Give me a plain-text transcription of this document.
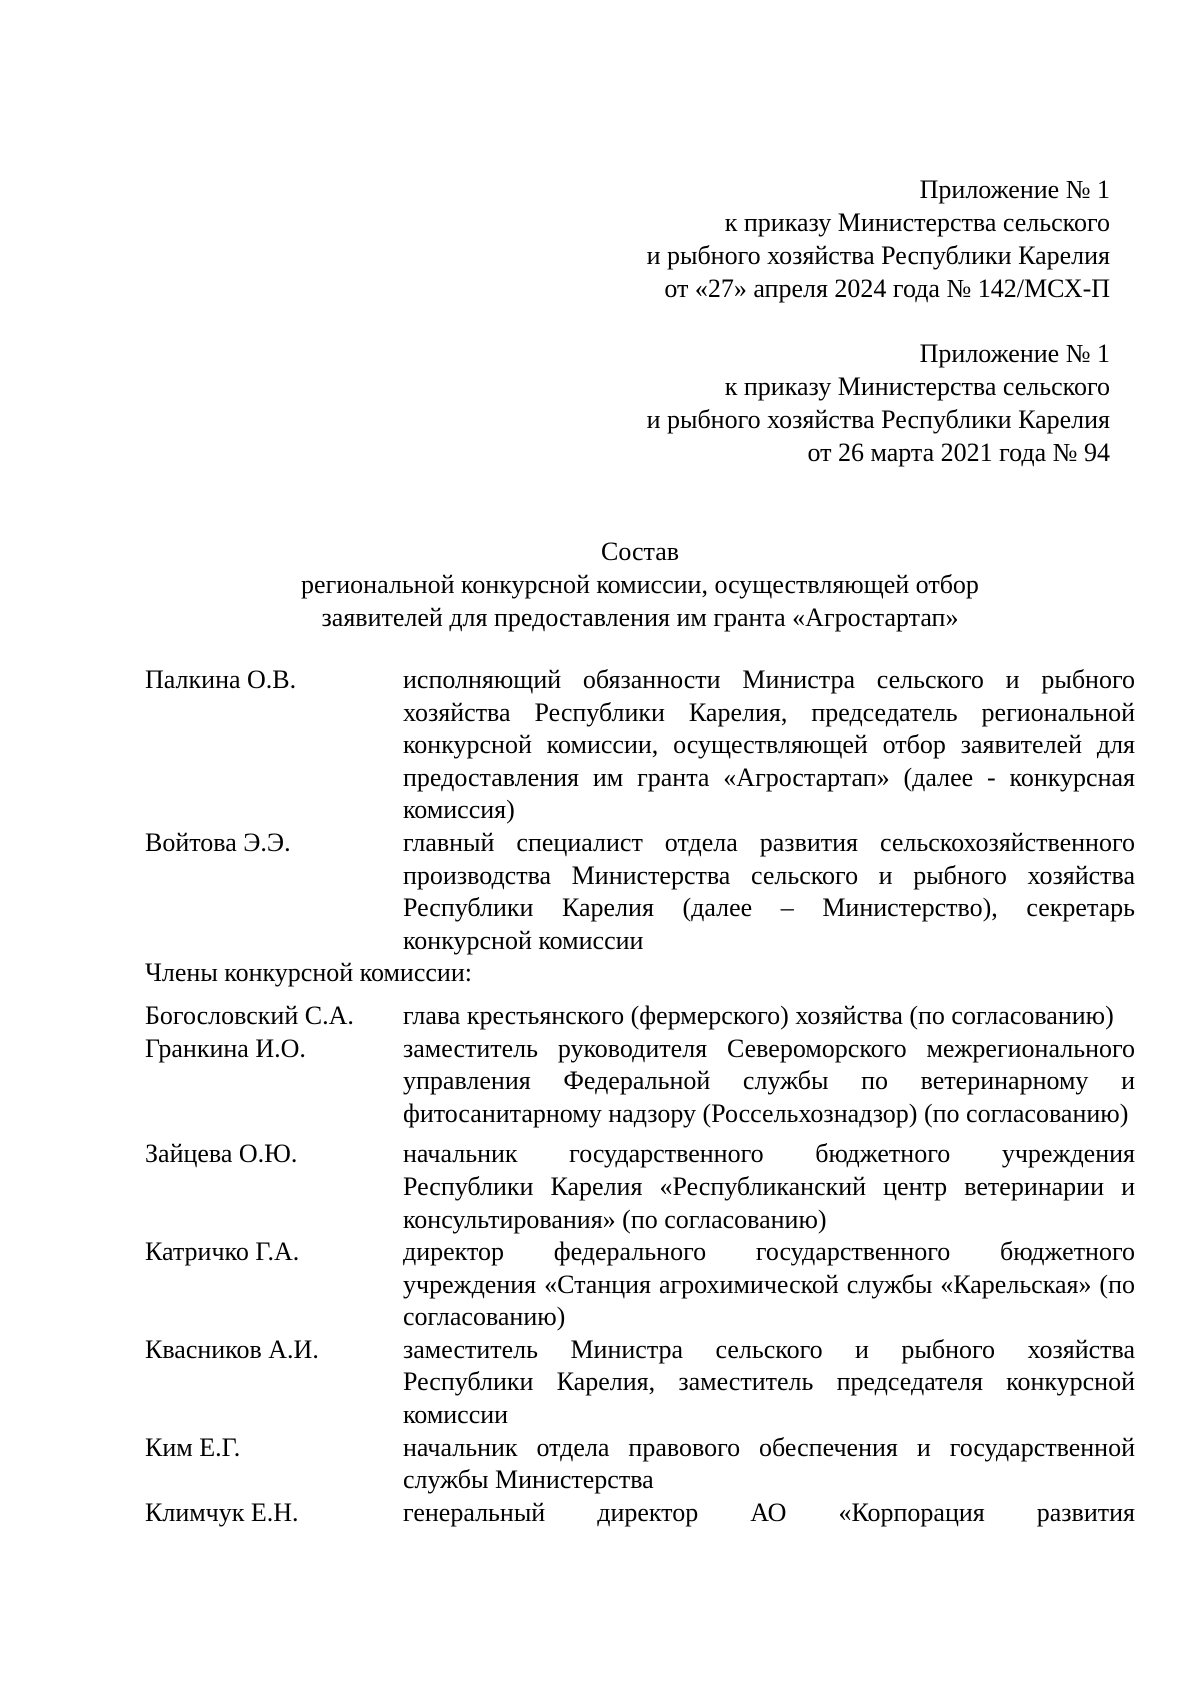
Приложение № 1
к приказу Министерства сельского
и рыбного хозяйства Республики Карелия
от «27» апреля 2024 года № 142/МСХ-П
Приложение № 1
к приказу Министерства сельского
и рыбного хозяйства Республики Карелия
от 26 марта 2021 года № 94
Состав
региональной конкурсной комиссии, осуществляющей отбор
заявителей для предоставления им гранта «Агростартап»
Палкина О.В.	исполняющий обязанности Министра сельского и рыбного хозяйства Республики Карелия, председатель региональной конкурсной комиссии, осуществляющей отбор заявителей для предоставления им гранта «Агростартап» (далее - конкурсная комиссия)
Войтова Э.Э.	главный специалист отдела развития сельскохозяйственного производства Министерства сельского и рыбного хозяйства Республики Карелия (далее – Министерство), секретарь конкурсной комиссии
Члены конкурсной комиссии:
Богословский С.А.	глава крестьянского (фермерского) хозяйства (по согласованию)
Гранкина И.О.	заместитель руководителя Североморского межрегионального управления Федеральной службы по ветеринарному и фитосанитарному надзору (Россельхознадзор) (по согласованию)
Зайцева О.Ю.	начальник государственного бюджетного учреждения Республики Карелия «Республиканский центр ветеринарии и консультирования» (по согласованию)
Катричко Г.А.	директор федерального государственного бюджетного учреждения «Станция агрохимической службы «Карельская» (по согласованию)
Квасников А.И.	заместитель Министра сельского и рыбного хозяйства Республики Карелия, заместитель председателя конкурсной комиссии
Ким Е.Г.	начальник отдела правового обеспечения и государственной службы Министерства
Климчук Е.Н.	генеральный директор АО «Корпорация развития
